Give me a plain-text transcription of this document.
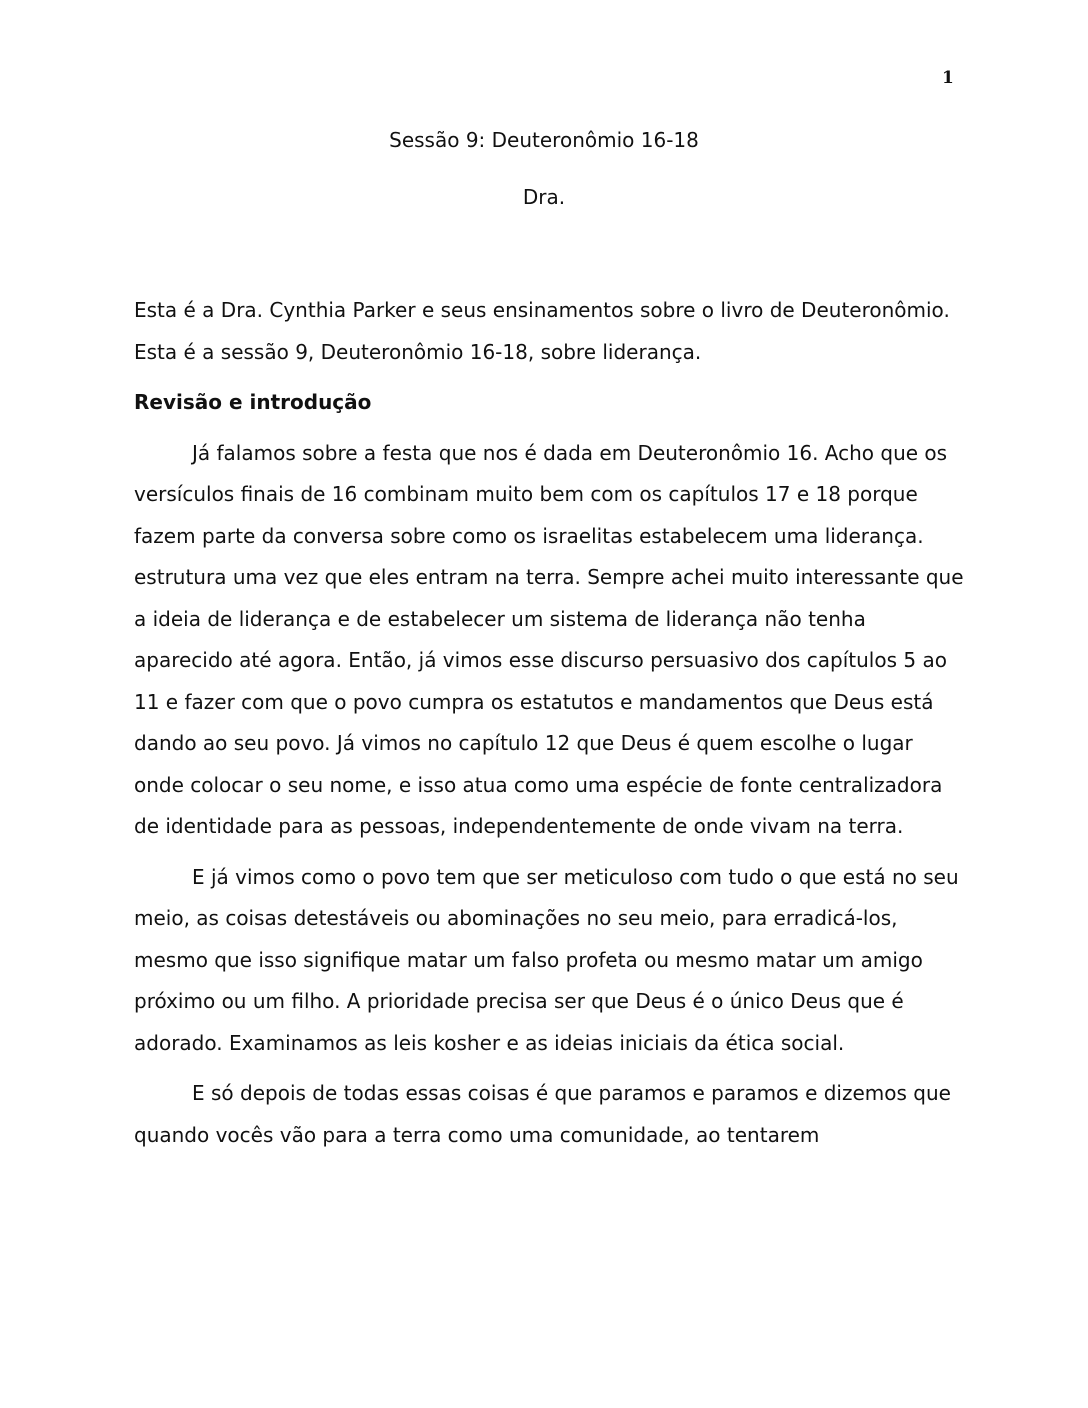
1
Sessão 9: Deuteronômio 16-18
Dra.

Esta é a Dra. Cynthia Parker e seus ensinamentos sobre o livro de Deuteronômio. Esta é a sessão 9, Deuteronômio 16-18, sobre liderança.

Revisão e introdução

Já falamos sobre a festa que nos é dada em Deuteronômio 16. Acho que os versículos finais de 16 combinam muito bem com os capítulos 17 e 18 porque fazem parte da conversa sobre como os israelitas estabelecem uma liderança. estrutura uma vez que eles entram na terra. Sempre achei muito interessante que a ideia de liderança e de estabelecer um sistema de liderança não tenha aparecido até agora. Então, já vimos esse discurso persuasivo dos capítulos 5 ao 11 e fazer com que o povo cumpra os estatutos e mandamentos que Deus está dando ao seu povo. Já vimos no capítulo 12 que Deus é quem escolhe o lugar onde colocar o seu nome, e isso atua como uma espécie de fonte centralizadora de identidade para as pessoas, independentemente de onde vivam na terra.

E já vimos como o povo tem que ser meticuloso com tudo o que está no seu meio, as coisas detestáveis ou abominações no seu meio, para erradicá-los, mesmo que isso signifique matar um falso profeta ou mesmo matar um amigo próximo ou um filho. A prioridade precisa ser que Deus é o único Deus que é adorado. Examinamos as leis kosher e as ideias iniciais da ética social.

E só depois de todas essas coisas é que paramos e paramos e dizemos que quando vocês vão para a terra como uma comunidade, ao tentarem
